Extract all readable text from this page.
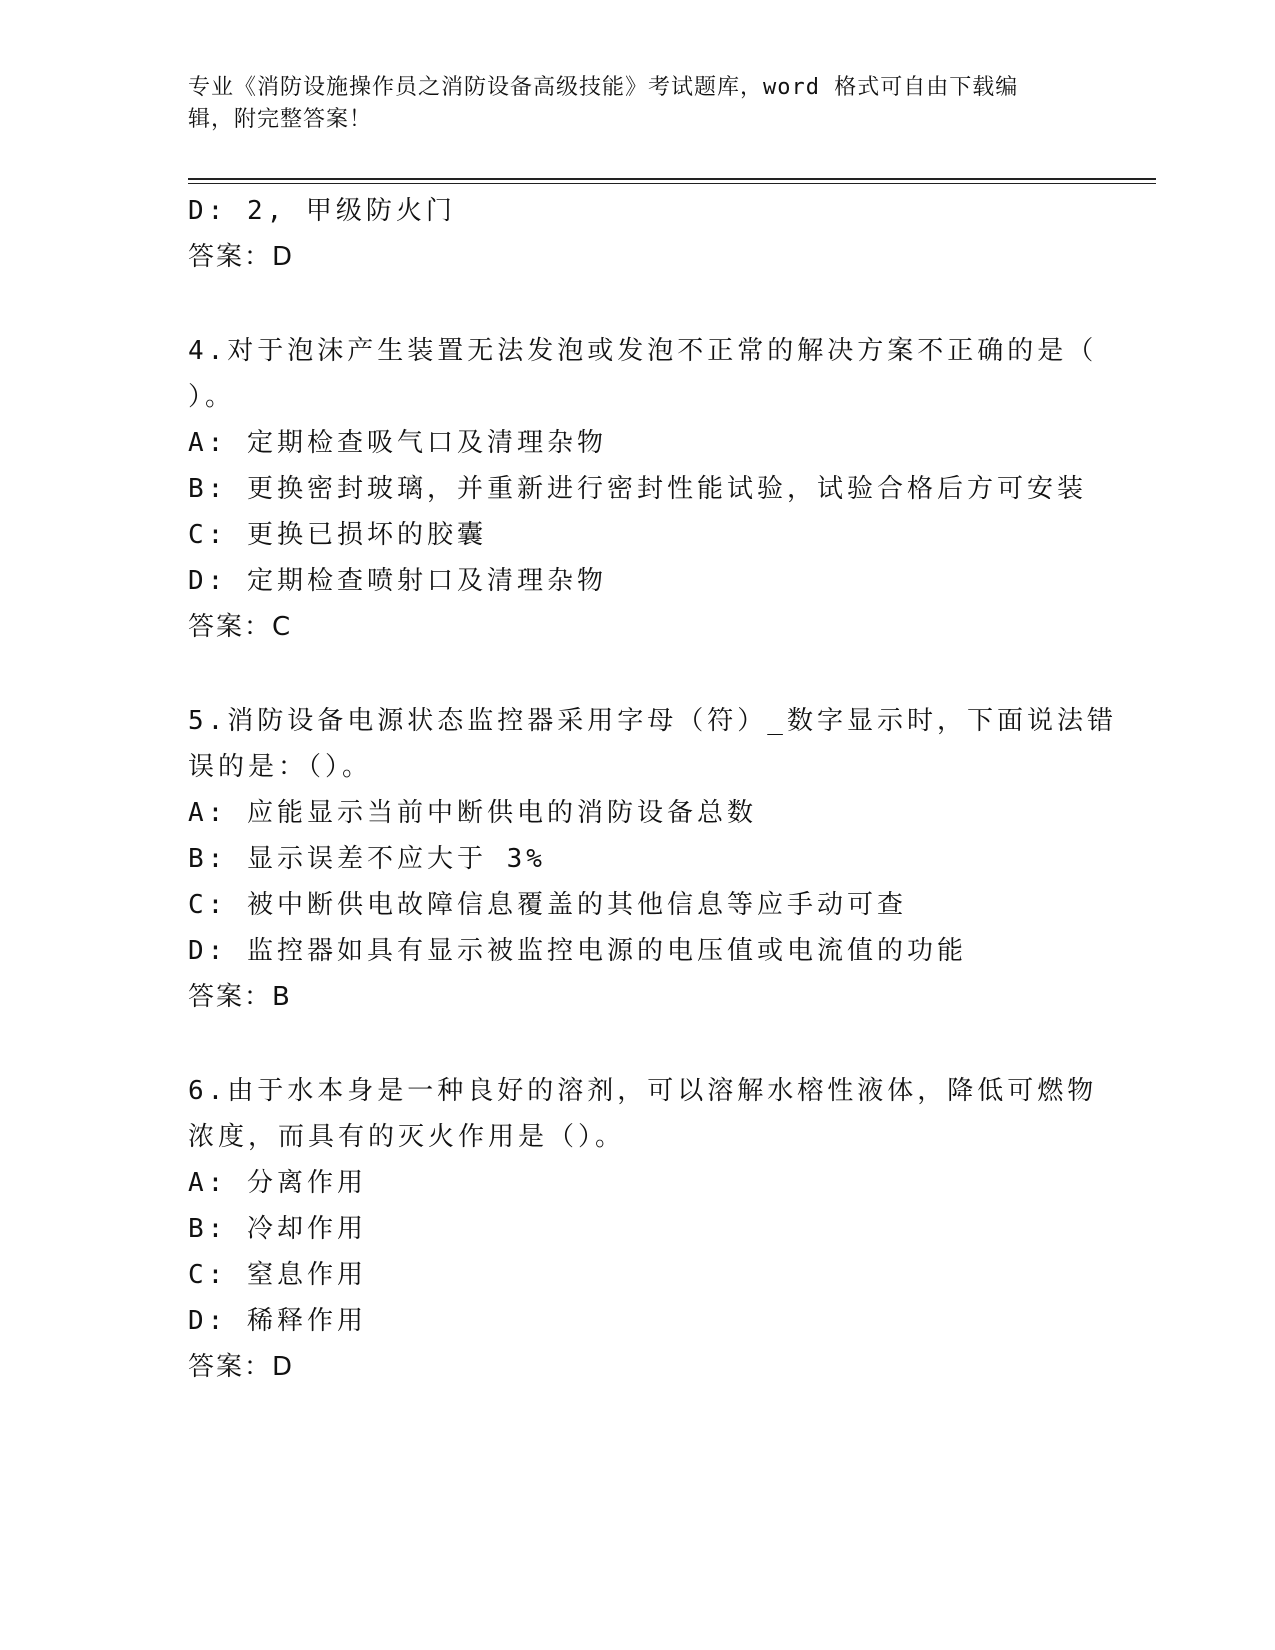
专业《消防设施操作员之消防设备高级技能》考试题库，word 格式可自由下载编
辑，附完整答案！
D: 2, 甲级防火门
答案：D
4.对于泡沫产生装置无法发泡或发泡不正常的解决方案不正确的是（
）。
A: 定期检查吸气口及清理杂物
B: 更换密封玻璃，并重新进行密封性能试验，试验合格后方可安装
C: 更换已损坏的胶囊
D: 定期检查喷射口及清理杂物
答案：C
5.消防设备电源状态监控器采用字母（符）_数字显示时，下面说法错
误的是：（）。
A: 应能显示当前中断供电的消防设备总数
B: 显示误差不应大于 3%
C: 被中断供电故障信息覆盖的其他信息等应手动可查
D: 监控器如具有显示被监控电源的电压值或电流值的功能
答案：B
6.由于水本身是一种良好的溶剂，可以溶解水榕性液体，降低可燃物
浓度，而具有的灭火作用是（）。
A: 分离作用
B: 冷却作用
C: 窒息作用
D: 稀释作用
答案：D
